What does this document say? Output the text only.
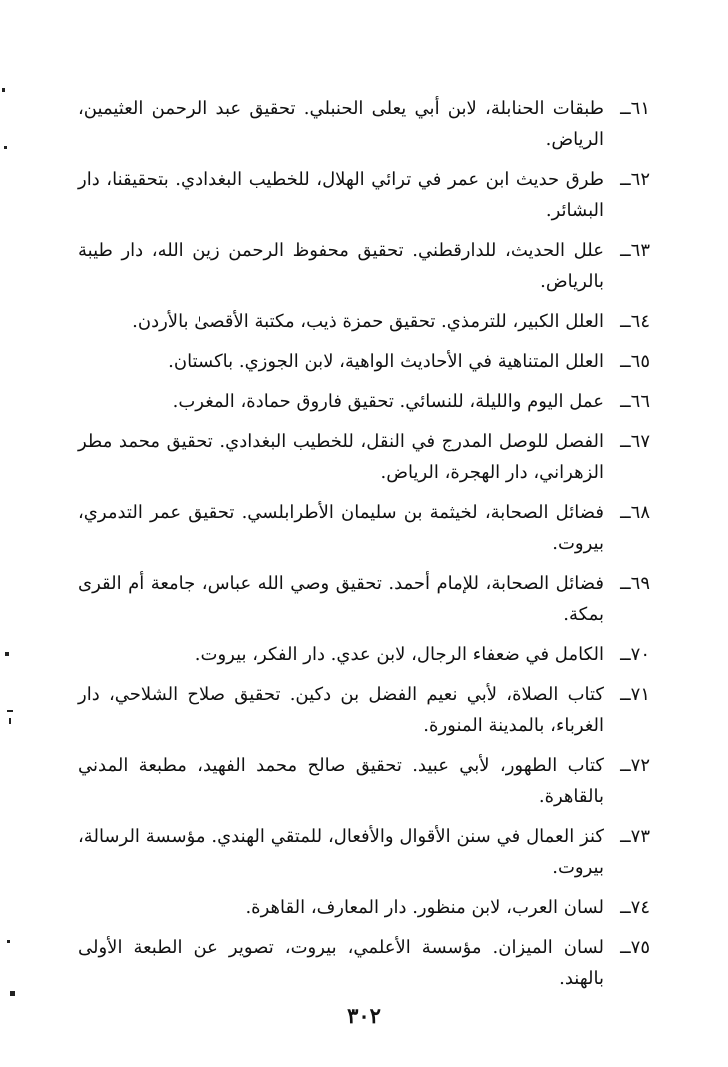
٦١ــ
طبقات الحنابلة، لابن أبي يعلى الحنبلي. تحقيق عبد الرحمن العثيمين، الرياض.
٦٢ــ
طرق حديث ابن عمر في ترائي الهلال، للخطيب البغدادي. بتحقيقنا، دار البشائر.
٦٣ــ
علل الحديث، للدارقطني. تحقيق محفوظ الرحمن زين الله، دار طيبة بالرياض.
٦٤ــ
العلل الكبير، للترمذي. تحقيق حمزة ذيب، مكتبة الأقصىٰ بالأردن.
٦٥ــ
العلل المتناهية في الأحاديث الواهية، لابن الجوزي. باكستان.
٦٦ــ
عمل اليوم والليلة، للنسائي. تحقيق فاروق حمادة، المغرب.
٦٧ــ
الفصل للوصل المدرج في النقل، للخطيب البغدادي. تحقيق محمد مطر الزهراني، دار الهجرة، الرياض.
٦٨ــ
فضائل الصحابة، لخيثمة بن سليمان الأطرابلسي. تحقيق عمر التدمري، بيروت.
٦٩ــ
فضائل الصحابة، للإمام أحمد. تحقيق وصي الله عباس، جامعة أم القرى بمكة.
٧٠ــ
الكامل في ضعفاء الرجال، لابن عدي. دار الفكر، بيروت.
٧١ــ
كتاب الصلاة، لأبي نعيم الفضل بن دكين. تحقيق صلاح الشلاحي، دار الغرباء، بالمدينة المنورة.
٧٢ــ
كتاب الطهور، لأبي عبيد. تحقيق صالح محمد الفهيد، مطبعة المدني بالقاهرة.
٧٣ــ
كنز العمال في سنن الأقوال والأفعال، للمتقي الهندي. مؤسسة الرسالة، بيروت.
٧٤ــ
لسان العرب، لابن منظور. دار المعارف، القاهرة.
٧٥ــ
لسان الميزان. مؤسسة الأعلمي، بيروت، تصوير عن الطبعة الأولى بالهند.
٣٠٢
